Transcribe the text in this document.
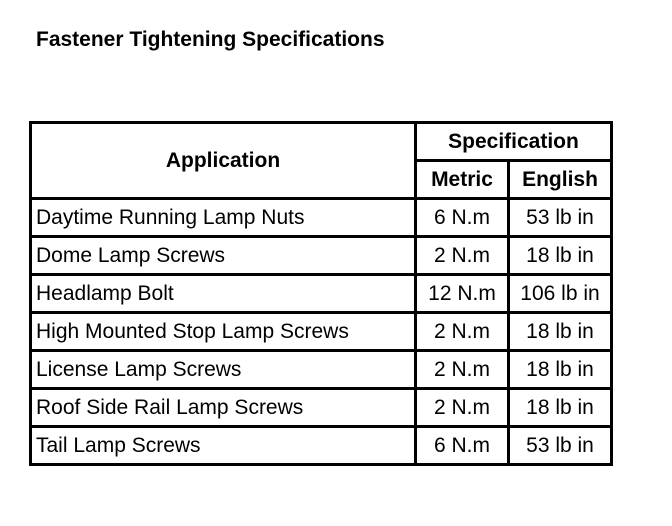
Fastener Tightening Specifications
Application	Specification	
	Metric	English
Daytime Running Lamp Nuts	6 N.m	53 lb in
Dome Lamp Screws	2 N.m	18 lb in
Headlamp Bolt	12 N.m	106 lb in
High Mounted Stop Lamp Screws	2 N.m	18 lb in
License Lamp Screws	2 N.m	18 lb in
Roof Side Rail Lamp Screws	2 N.m	18 lb in
Tail Lamp Screws	6 N.m	53 lb in
